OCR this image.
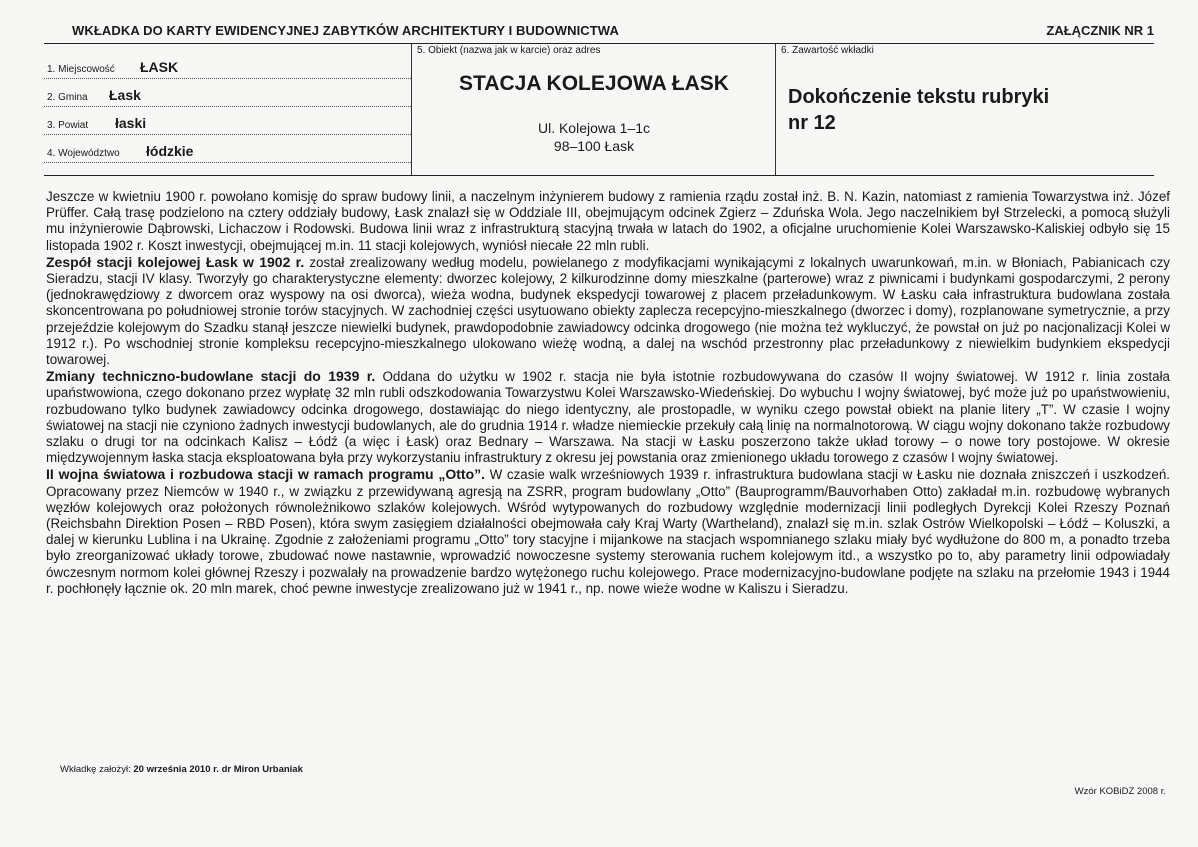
WKŁADKA DO KARTY EWIDENCYJNEJ ZABYTKÓW ARCHITEKTURY I BUDOWNICTWA	ZAŁĄCZNIK NR 1
1. Miejscowość ŁASK
2. Gmina Łask
3. Powiat łaski
4. Województwo łódzkie
5. Obiekt (nazwa jak w karcie) oraz adres
STACJA KOLEJOWA ŁASK
Ul. Kolejowa 1–1c
98–100 Łask
6. Zawartość wkładki
Dokończenie tekstu rubryki
nr 12

Jeszcze w kwietniu 1900 r. powołano komisję do spraw budowy linii, a naczelnym inżynierem budowy z ramienia rządu został inż. B. N. Kazin, natomiast z ramienia Towarzystwa inż. Józef Prüffer. Całą trasę podzielono na cztery oddziały budowy, Łask znalazł się w Oddziale III, obejmującym odcinek Zgierz – Zduńska Wola. Jego naczelnikiem był Strzelecki, a pomocą służyli mu inżynierowie Dąbrowski, Lichaczow i Rodowski. Budowa linii wraz z infrastrukturą stacyjną trwała w latach do 1902, a oficjalne uruchomienie Kolei Warszawsko-Kaliskiej odbyło się 15 listopada 1902 r. Koszt inwestycji, obejmującej m.in. 11 stacji kolejowych, wyniósł niecałe 22 mln rubli.

Zespół stacji kolejowej Łask w 1902 r. został zrealizowany według modelu, powielanego z modyfikacjami wynikającymi z lokalnych uwarunkowań, m.in. w Błoniach, Pabianicach czy Sieradzu, stacji IV klasy. Tworzyły go charakterystyczne elementy: dworzec kolejowy, 2 kilkurodzinne domy mieszkalne (parterowe) wraz z piwnicami i budynkami gospodarczymi, 2 perony (jednokrawędziowy z dworcem oraz wyspowy na osi dworca), wieża wodna, budynek ekspedycji towarowej z placem przeładunkowym. W Łasku cała infrastruktura budowlana została skoncentrowana po południowej stronie torów stacyjnych. W zachodniej części usytuowano obiekty zaplecza recepcyjno-mieszkalnego (dworzec i domy), rozplanowane symetrycznie, a przy przejeździe kolejowym do Szadku stanął jeszcze niewielki budynek, prawdopodobnie zawiadowcy odcinka drogowego (nie można też wykluczyć, że powstał on już po nacjonalizacji Kolei w 1912 r.). Po wschodniej stronie kompleksu recepcyjno-mieszkalnego ulokowano wieżę wodną, a dalej na wschód przestronny plac przeładunkowy z niewielkim budynkiem ekspedycji towarowej.

Zmiany techniczno-budowlane stacji do 1939 r. Oddana do użytku w 1902 r. stacja nie była istotnie rozbudowywana do czasów II wojny światowej. W 1912 r. linia została upaństwowiona, czego dokonano przez wypłatę 32 mln rubli odszkodowania Towarzystwu Kolei Warszawsko-Wiedeńskiej. Do wybuchu I wojny światowej, być może już po upaństwowieniu, rozbudowano tylko budynek zawiadowcy odcinka drogowego, dostawiając do niego identyczny, ale prostopadle, w wyniku czego powstał obiekt na planie litery „T”. W czasie I wojny światowej na stacji nie czyniono żadnych inwestycji budowlanych, ale do grudnia 1914 r. władze niemieckie przekuły całą linię na normalnotorową. W ciągu wojny dokonano także rozbudowy szlaku o drugi tor na odcinkach Kalisz – Łódź (a więc i Łask) oraz Bednary – Warszawa. Na stacji w Łasku poszerzono także układ torowy – o nowe tory postojowe. W okresie międzywojennym łaska stacja eksploatowana była przy wykorzystaniu infrastruktury z okresu jej powstania oraz zmienionego układu torowego z czasów I wojny światowej.

II wojna światowa i rozbudowa stacji w ramach programu „Otto”. W czasie walk wrześniowych 1939 r. infrastruktura budowlana stacji w Łasku nie doznała zniszczeń i uszkodzeń. Opracowany przez Niemców w 1940 r., w związku z przewidywaną agresją na ZSRR, program budowlany „Otto” (Bauprogramm/Bauvorhaben Otto) zakładał m.in. rozbudowę wybranych węzłów kolejowych oraz położonych równoleżnikowo szlaków kolejowych. Wśród wytypowanych do rozbudowy względnie modernizacji linii podległych Dyrekcji Kolei Rzeszy Poznań (Reichsbahn Direktion Posen – RBD Posen), która swym zasięgiem działalności obejmowała cały Kraj Warty (Wartheland), znalazł się m.in. szlak Ostrów Wielkopolski – Łódź – Koluszki, a dalej w kierunku Lublina i na Ukrainę. Zgodnie z założeniami programu „Otto” tory stacyjne i mijankowe na stacjach wspomnianego szlaku miały być wydłużone do 800 m, a ponadto trzeba było zreorganizować układy torowe, zbudować nowe nastawnie, wprowadzić nowoczesne systemy sterowania ruchem kolejowym itd., a wszystko po to, aby parametry linii odpowiadały ówczesnym normom kolei głównej Rzeszy i pozwalały na prowadzenie bardzo wytężonego ruchu kolejowego. Prace modernizacyjno-budowlane podjęte na szlaku na przełomie 1943 i 1944 r. pochłonęły łącznie ok. 20 mln marek, choć pewne inwestycje zrealizowano już w 1941 r., np. nowe wieże wodne w Kaliszu i Sieradzu.

Wkładkę założył: 20 września 2010 r. dr Miron Urbaniak
Wzór KOBiDZ 2008 r.
